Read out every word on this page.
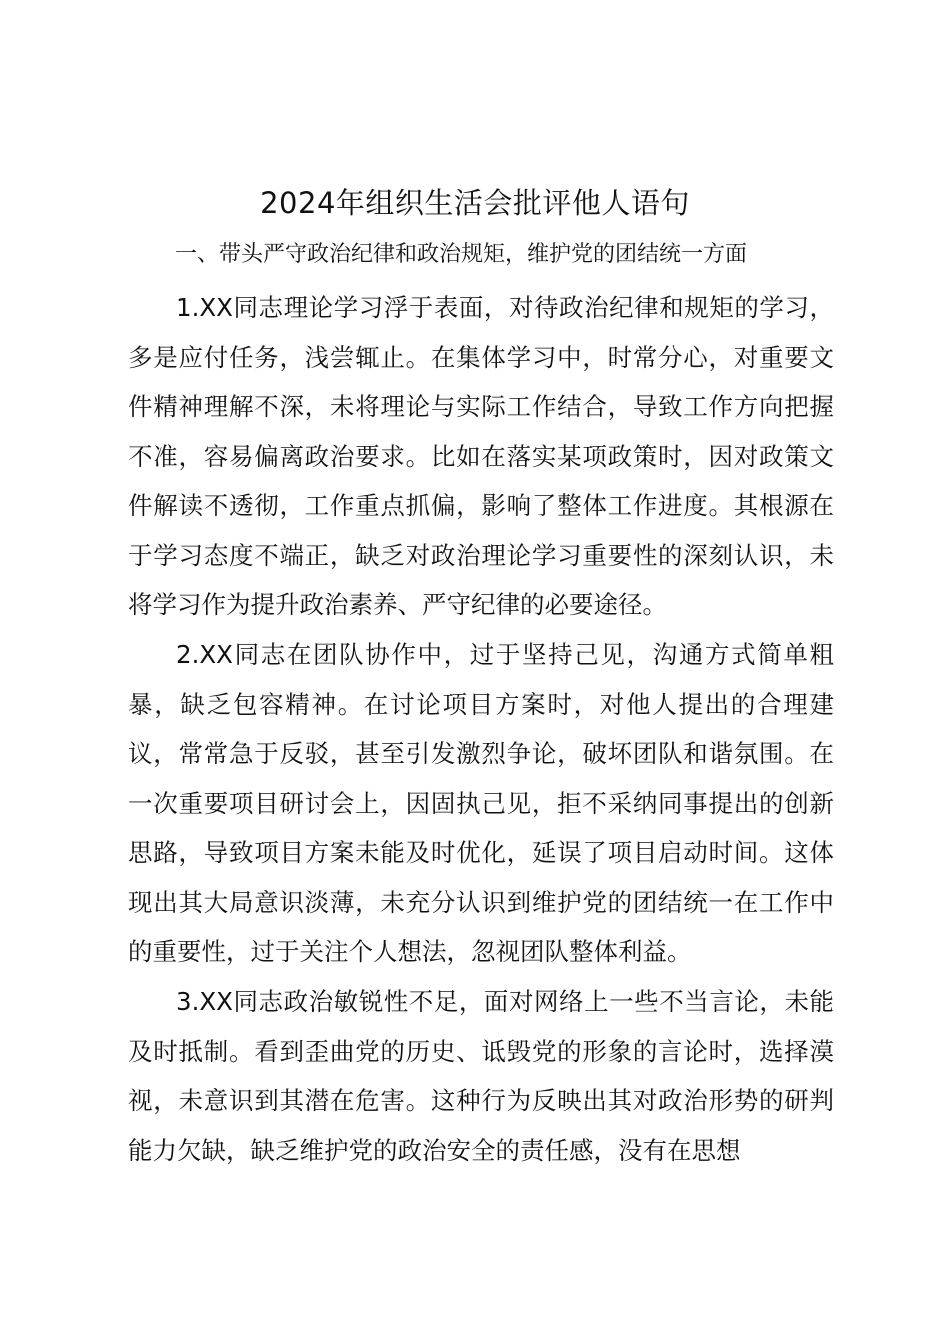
2024年组织生活会批评他人语句
一、带头严守政治纪律和政治规矩，维护党的团结统一方面

1.XX同志理论学习浮于表面，对待政治纪律和规矩的学习，多是应付任务，浅尝辄止。在集体学习中，时常分心，对重要文件精神理解不深，未将理论与实际工作结合，导致工作方向把握不准，容易偏离政治要求。比如在落实某项政策时，因对政策文件解读不透彻，工作重点抓偏，影响了整体工作进度。其根源在于学习态度不端正，缺乏对政治理论学习重要性的深刻认识，未将学习作为提升政治素养、严守纪律的必要途径。

2.XX同志在团队协作中，过于坚持己见，沟通方式简单粗暴，缺乏包容精神。在讨论项目方案时，对他人提出的合理建议，常常急于反驳，甚至引发激烈争论，破坏团队和谐氛围。在一次重要项目研讨会上，因固执己见，拒不采纳同事提出的创新思路，导致项目方案未能及时优化，延误了项目启动时间。这体现出其大局意识淡薄，未充分认识到维护党的团结统一在工作中的重要性，过于关注个人想法，忽视团队整体利益。

3.XX同志政治敏锐性不足，面对网络上一些不当言论，未能及时抵制。看到歪曲党的历史、诋毁党的形象的言论时，选择漠视，未意识到其潜在危害。这种行为反映出其对政治形势的研判能力欠缺，缺乏维护党的政治安全的责任感，没有在思想
